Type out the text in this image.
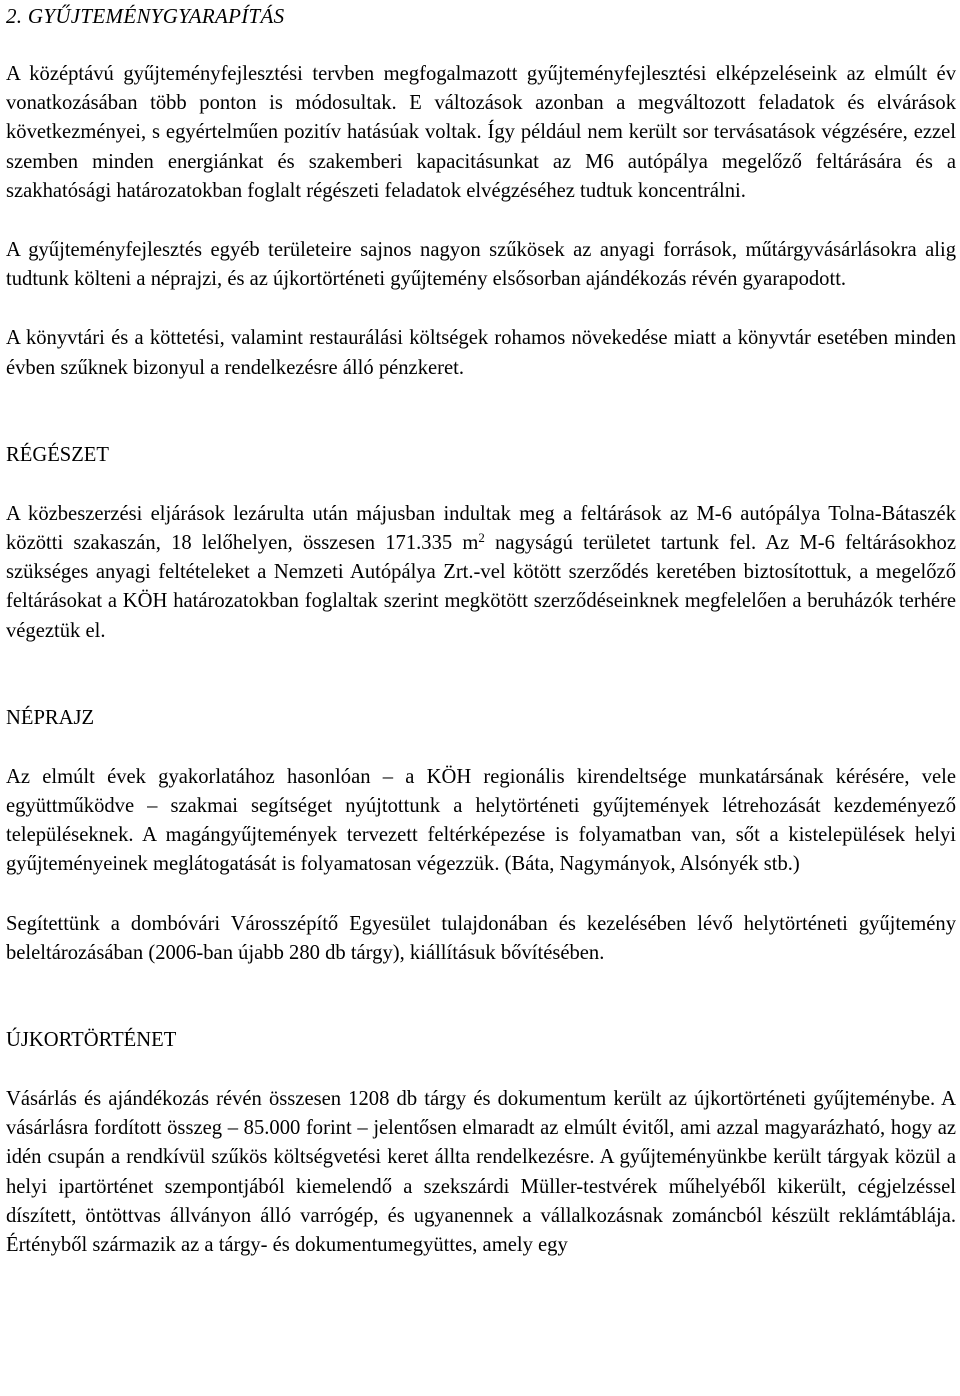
2. GYŰJTEMÉNYGYARAPÍTÁS

A középtávú gyűjteményfejlesztési tervben megfogalmazott gyűjteményfejlesztési elképzeléseink az elmúlt év vonatkozásában több ponton is módosultak. E változások azonban a megváltozott feladatok és elvárások következményei, s egyértelműen pozitív hatásúak voltak. Így például nem került sor tervásatások végzésére, ezzel szemben minden energiánkat és szakemberi kapacitásunkat az M6 autópálya megelőző feltárására és a szakhatósági határozatokban foglalt régészeti feladatok elvégzéséhez tudtuk koncentrálni.

A gyűjteményfejlesztés egyéb területeire sajnos nagyon szűkösek az anyagi források, műtárgyvásárlásokra alig tudtunk költeni a néprajzi, és az újkortörténeti gyűjtemény elsősorban ajándékozás révén gyarapodott.

A könyvtári és a köttetési, valamint restaurálási költségek rohamos növekedése miatt a könyvtár esetében minden évben szűknek bizonyul a rendelkezésre álló pénzkeret.

RÉGÉSZET

A közbeszerzési eljárások lezárulta után májusban indultak meg a feltárások az M-6 autópálya Tolna-Bátaszék közötti szakaszán, 18 lelőhelyen, összesen 171.335 $m^2$ nagyságú területet tartunk fel. Az M-6 feltárásokhoz szükséges anyagi feltételeket a Nemzeti Autópálya Zrt.-vel kötött szerződés keretében biztosítottuk, a megelőző feltárásokat a KÖH határozatokban foglaltak szerint megkötött szerződéseinknek megfelelően a beruházók terhére végeztük el.

NÉPRAJZ

Az elmúlt évek gyakorlatához hasonlóan – a KÖH regionális kirendeltsége munkatársának kérésére, vele együttműködve – szakmai segítséget nyújtottunk a helytörténeti gyűjtemények létrehozását kezdeményező településeknek. A magángyűjtemények tervezett feltérképezése is folyamatban van, sőt a kistelepülések helyi gyűjteményeinek meglátogatását is folyamatosan végezzük. (Báta, Nagymányok, Alsónyék stb.)

Segítettünk a dombóvári Városszépítő Egyesület tulajdonában és kezelésében lévő helytörténeti gyűjtemény beleltározásában (2006-ban újabb 280 db tárgy), kiállításuk bővítésében.

ÚJKORTÖRTÉNET

Vásárlás és ajándékozás révén összesen 1208 db tárgy és dokumentum került az újkortörténeti gyűjteménybe. A vásárlásra fordított összeg – 85.000 forint – jelentősen elmaradt az elmúlt évitől, ami azzal magyarázható, hogy az idén csupán a rendkívül szűkös költségvetési keret állta rendelkezésre. A gyűjteményünkbe került tárgyak közül a helyi ipartörténet szempontjából kiemelendő a szekszárdi Müller-testvérek műhelyéből kikerült, cégjelzéssel díszített, öntöttvas állványon álló varrógép, és ugyanennek a vállalkozásnak zománcból készült reklámtáblája. Értényből származik az a tárgy- és dokumentumegyüttes, amely egy
